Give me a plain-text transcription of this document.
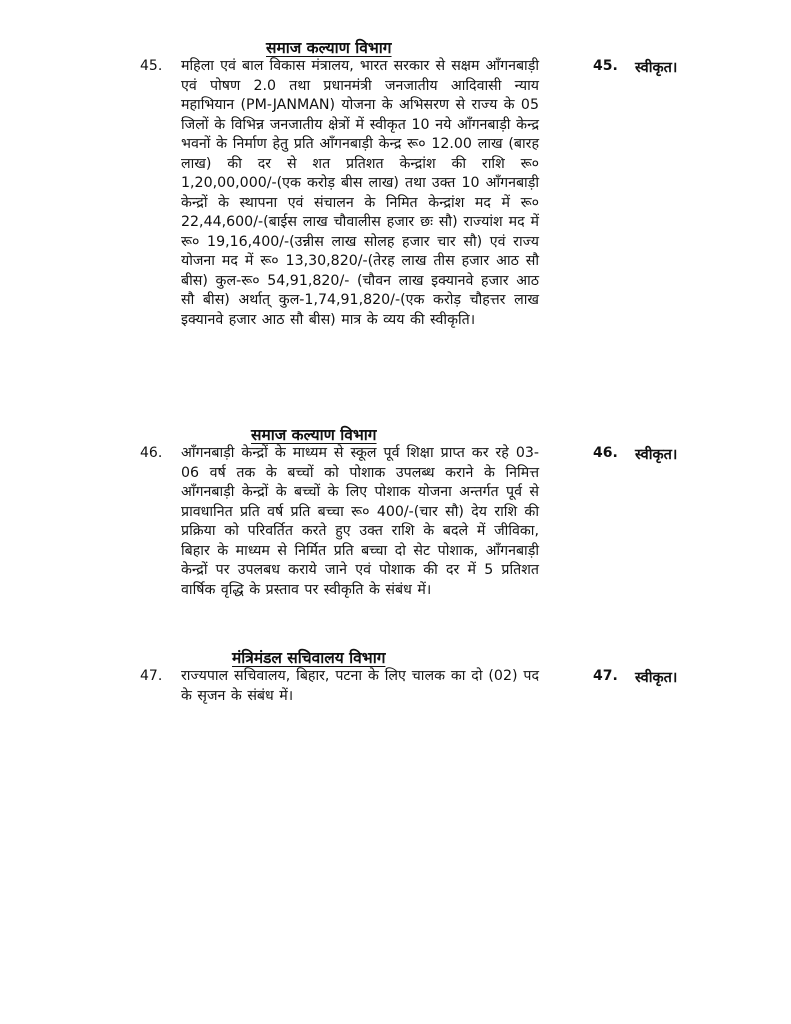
समाज कल्याण विभाग
45. महिला एवं बाल विकास मंत्रालय, भारत सरकार से सक्षम आँगनबाड़ी एवं पोषण 2.0 तथा प्रधानमंत्री जनजातीय आदिवासी न्याय महाभियान (PM-JANMAN) योजना के अभिसरण से राज्य के 05 जिलों के विभिन्न जनजातीय क्षेत्रों में स्वीकृत 10 नये आँगनबाड़ी केन्द्र भवनों के निर्माण हेतु प्रति आँगनबाड़ी केन्द्र रू० 12.00 लाख (बारह लाख) की दर से शत प्रतिशत केन्द्रांश की राशि रू० 1,20,00,000/-(एक करोड़ बीस लाख) तथा उक्त 10 आँगनबाड़ी केन्द्रों के स्थापना एवं संचालन के निमित केन्द्रांश मद में रू० 22,44,600/-(बाईस लाख चौवालीस हजार छः सौ) राज्यांश मद में रू० 19,16,400/-(उन्नीस लाख सोलह हजार चार सौ) एवं राज्य योजना मद में रू० 13,30,820/-(तेरह लाख तीस हजार आठ सौ बीस) कुल-रू० 54,91,820/- (चौवन लाख इक्यानवे हजार आठ सौ बीस) अर्थात् कुल-1,74,91,820/-(एक करोड़ चौहत्तर लाख इक्यानवे हजार आठ सौ बीस) मात्र के व्यय की स्वीकृति।
45. स्वीकृत।
समाज कल्याण विभाग
46. आँगनबाड़ी केन्द्रों के माध्यम से स्कूल पूर्व शिक्षा प्राप्त कर रहे 03-06 वर्ष तक के बच्चों को पोशाक उपलब्ध कराने के निमित्त आँगनबाड़ी केन्द्रों के बच्चों के लिए पोशाक योजना अन्तर्गत पूर्व से प्रावधानित प्रति वर्ष प्रति बच्चा रू० 400/-(चार सौ) देय राशि की प्रक्रिया को परिवर्तित करते हुए उक्त राशि के बदले में जीविका, बिहार के माध्यम से निर्मित प्रति बच्चा दो सेट पोशाक, आँगनबाड़ी केन्द्रों पर उपलबध कराये जाने एवं पोशाक की दर में 5 प्रतिशत वार्षिक वृद्धि के प्रस्ताव पर स्वीकृति के संबंध में।
46. स्वीकृत।
मंत्रिमंडल सचिवालय विभाग
47. राज्यपाल सचिवालय, बिहार, पटना के लिए चालक का दो (02) पद के सृजन के संबंध में।
47. स्वीकृत।
